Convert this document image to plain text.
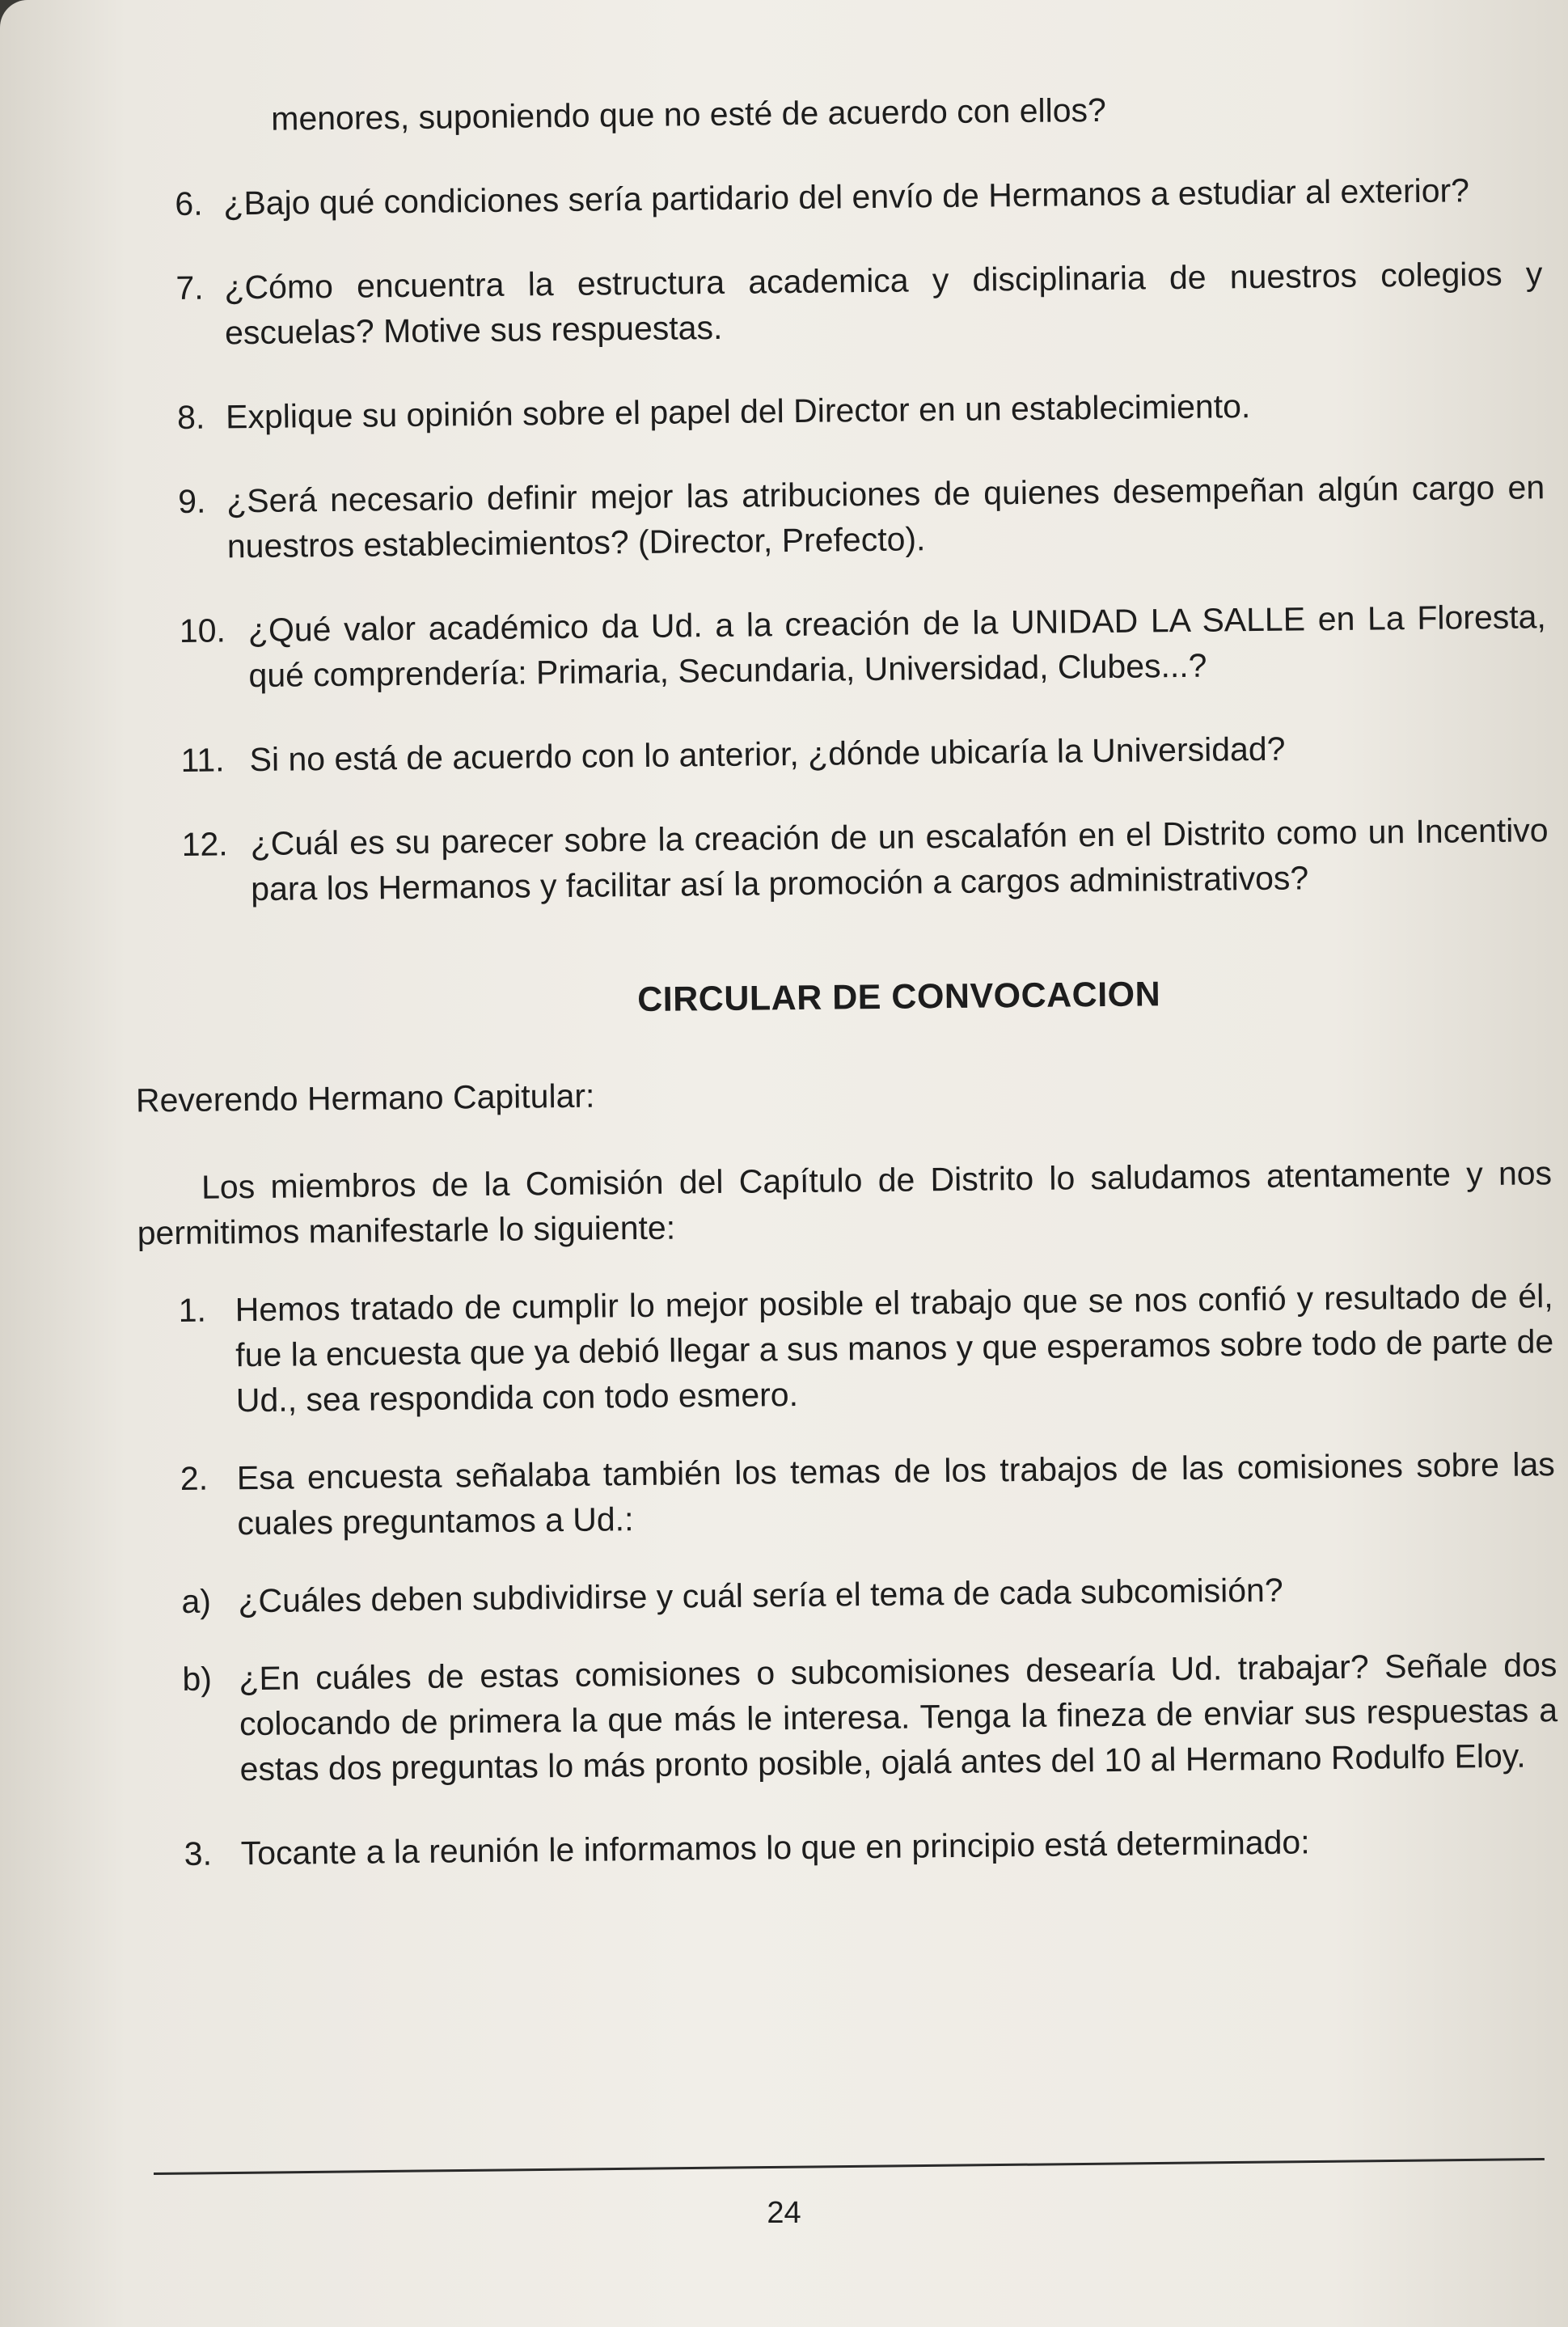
menores, suponiendo que no esté de acuerdo con ellos?

6. ¿Bajo qué condiciones sería partidario del envío de Hermanos a estudiar al exterior?
7. ¿Cómo encuentra la estructura academica y disciplinaria de nuestros colegios y escuelas? Motive sus respuestas.
8. Explique su opinión sobre el papel del Director en un establecimiento.
9. ¿Será necesario definir mejor las atribuciones de quienes desempeñan algún cargo en nuestros establecimientos? (Director, Prefecto).
10. ¿Qué valor académico da Ud. a la creación de la UNIDAD LA SALLE en La Floresta, qué comprendería: Primaria, Secundaria, Universidad, Clubes...?
11. Si no está de acuerdo con lo anterior, ¿dónde ubicaría la Universidad?
12. ¿Cuál es su parecer sobre la creación de un escalafón en el Distrito como un Incentivo para los Hermanos y facilitar así la promoción a cargos administrativos?
CIRCULAR DE CONVOCACION

Reverendo Hermano Capitular:

Los miembros de la Comisión del Capítulo de Distrito lo saludamos atentamente y nos permitimos manifestarle lo siguiente:

1. Hemos tratado de cumplir lo mejor posible el trabajo que se nos confió y resultado de él, fue la encuesta que ya debió llegar a sus manos y que esperamos sobre todo de parte de Ud., sea respondida con todo esmero.
2. Esa encuesta señalaba también los temas de los trabajos de las comisiones sobre las cuales preguntamos a Ud.:
a) ¿Cuáles deben subdividirse y cuál sería el tema de cada subcomisión?
b) ¿En cuáles de estas comisiones o subcomisiones desearía Ud. trabajar? Señale dos colocando de primera la que más le interesa. Tenga la fineza de enviar sus respuestas a estas dos preguntas lo más pronto posible, ojalá antes del 10 al Hermano Rodulfo Eloy.
3. Tocante a la reunión le informamos lo que en principio está determinado:
24
